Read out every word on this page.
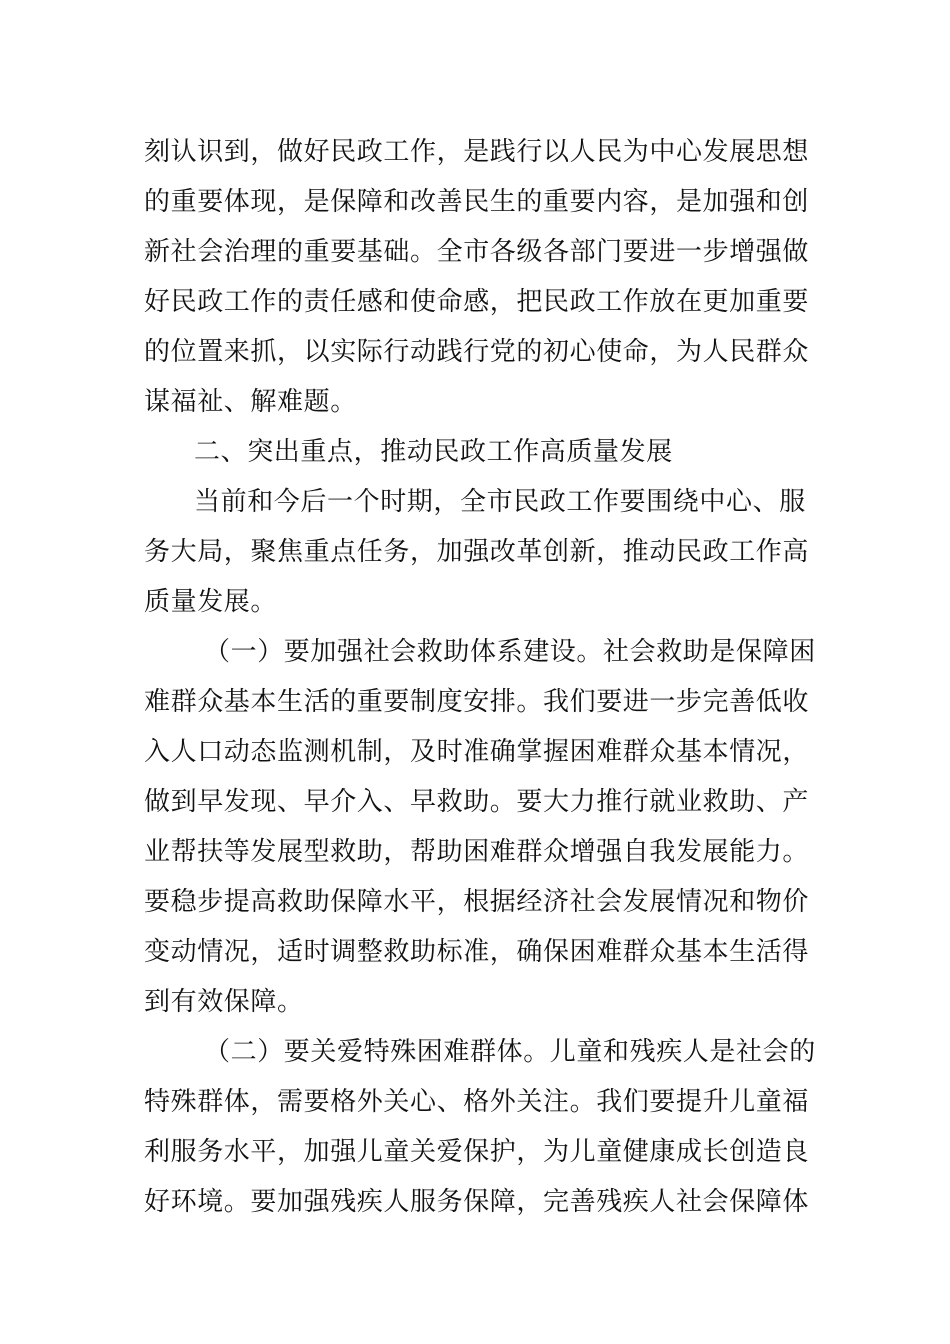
刻认识到，做好民政工作，是践行以人民为中心发展思想
的重要体现，是保障和改善民生的重要内容，是加强和创
新社会治理的重要基础。全市各级各部门要进一步增强做
好民政工作的责任感和使命感，把民政工作放在更加重要
的位置来抓，以实际行动践行党的初心使命，为人民群众
谋福祉、解难题。
二、突出重点，推动民政工作高质量发展
当前和今后一个时期，全市民政工作要围绕中心、服
务大局，聚焦重点任务，加强改革创新，推动民政工作高
质量发展。
（一）要加强社会救助体系建设。社会救助是保障困
难群众基本生活的重要制度安排。我们要进一步完善低收
入人口动态监测机制，及时准确掌握困难群众基本情况，
做到早发现、早介入、早救助。要大力推行就业救助、产
业帮扶等发展型救助，帮助困难群众增强自我发展能力。
要稳步提高救助保障水平，根据经济社会发展情况和物价
变动情况，适时调整救助标准，确保困难群众基本生活得
到有效保障。
（二）要关爱特殊困难群体。儿童和残疾人是社会的
特殊群体，需要格外关心、格外关注。我们要提升儿童福
利服务水平，加强儿童关爱保护，为儿童健康成长创造良
好环境。要加强残疾人服务保障，完善残疾人社会保障体
